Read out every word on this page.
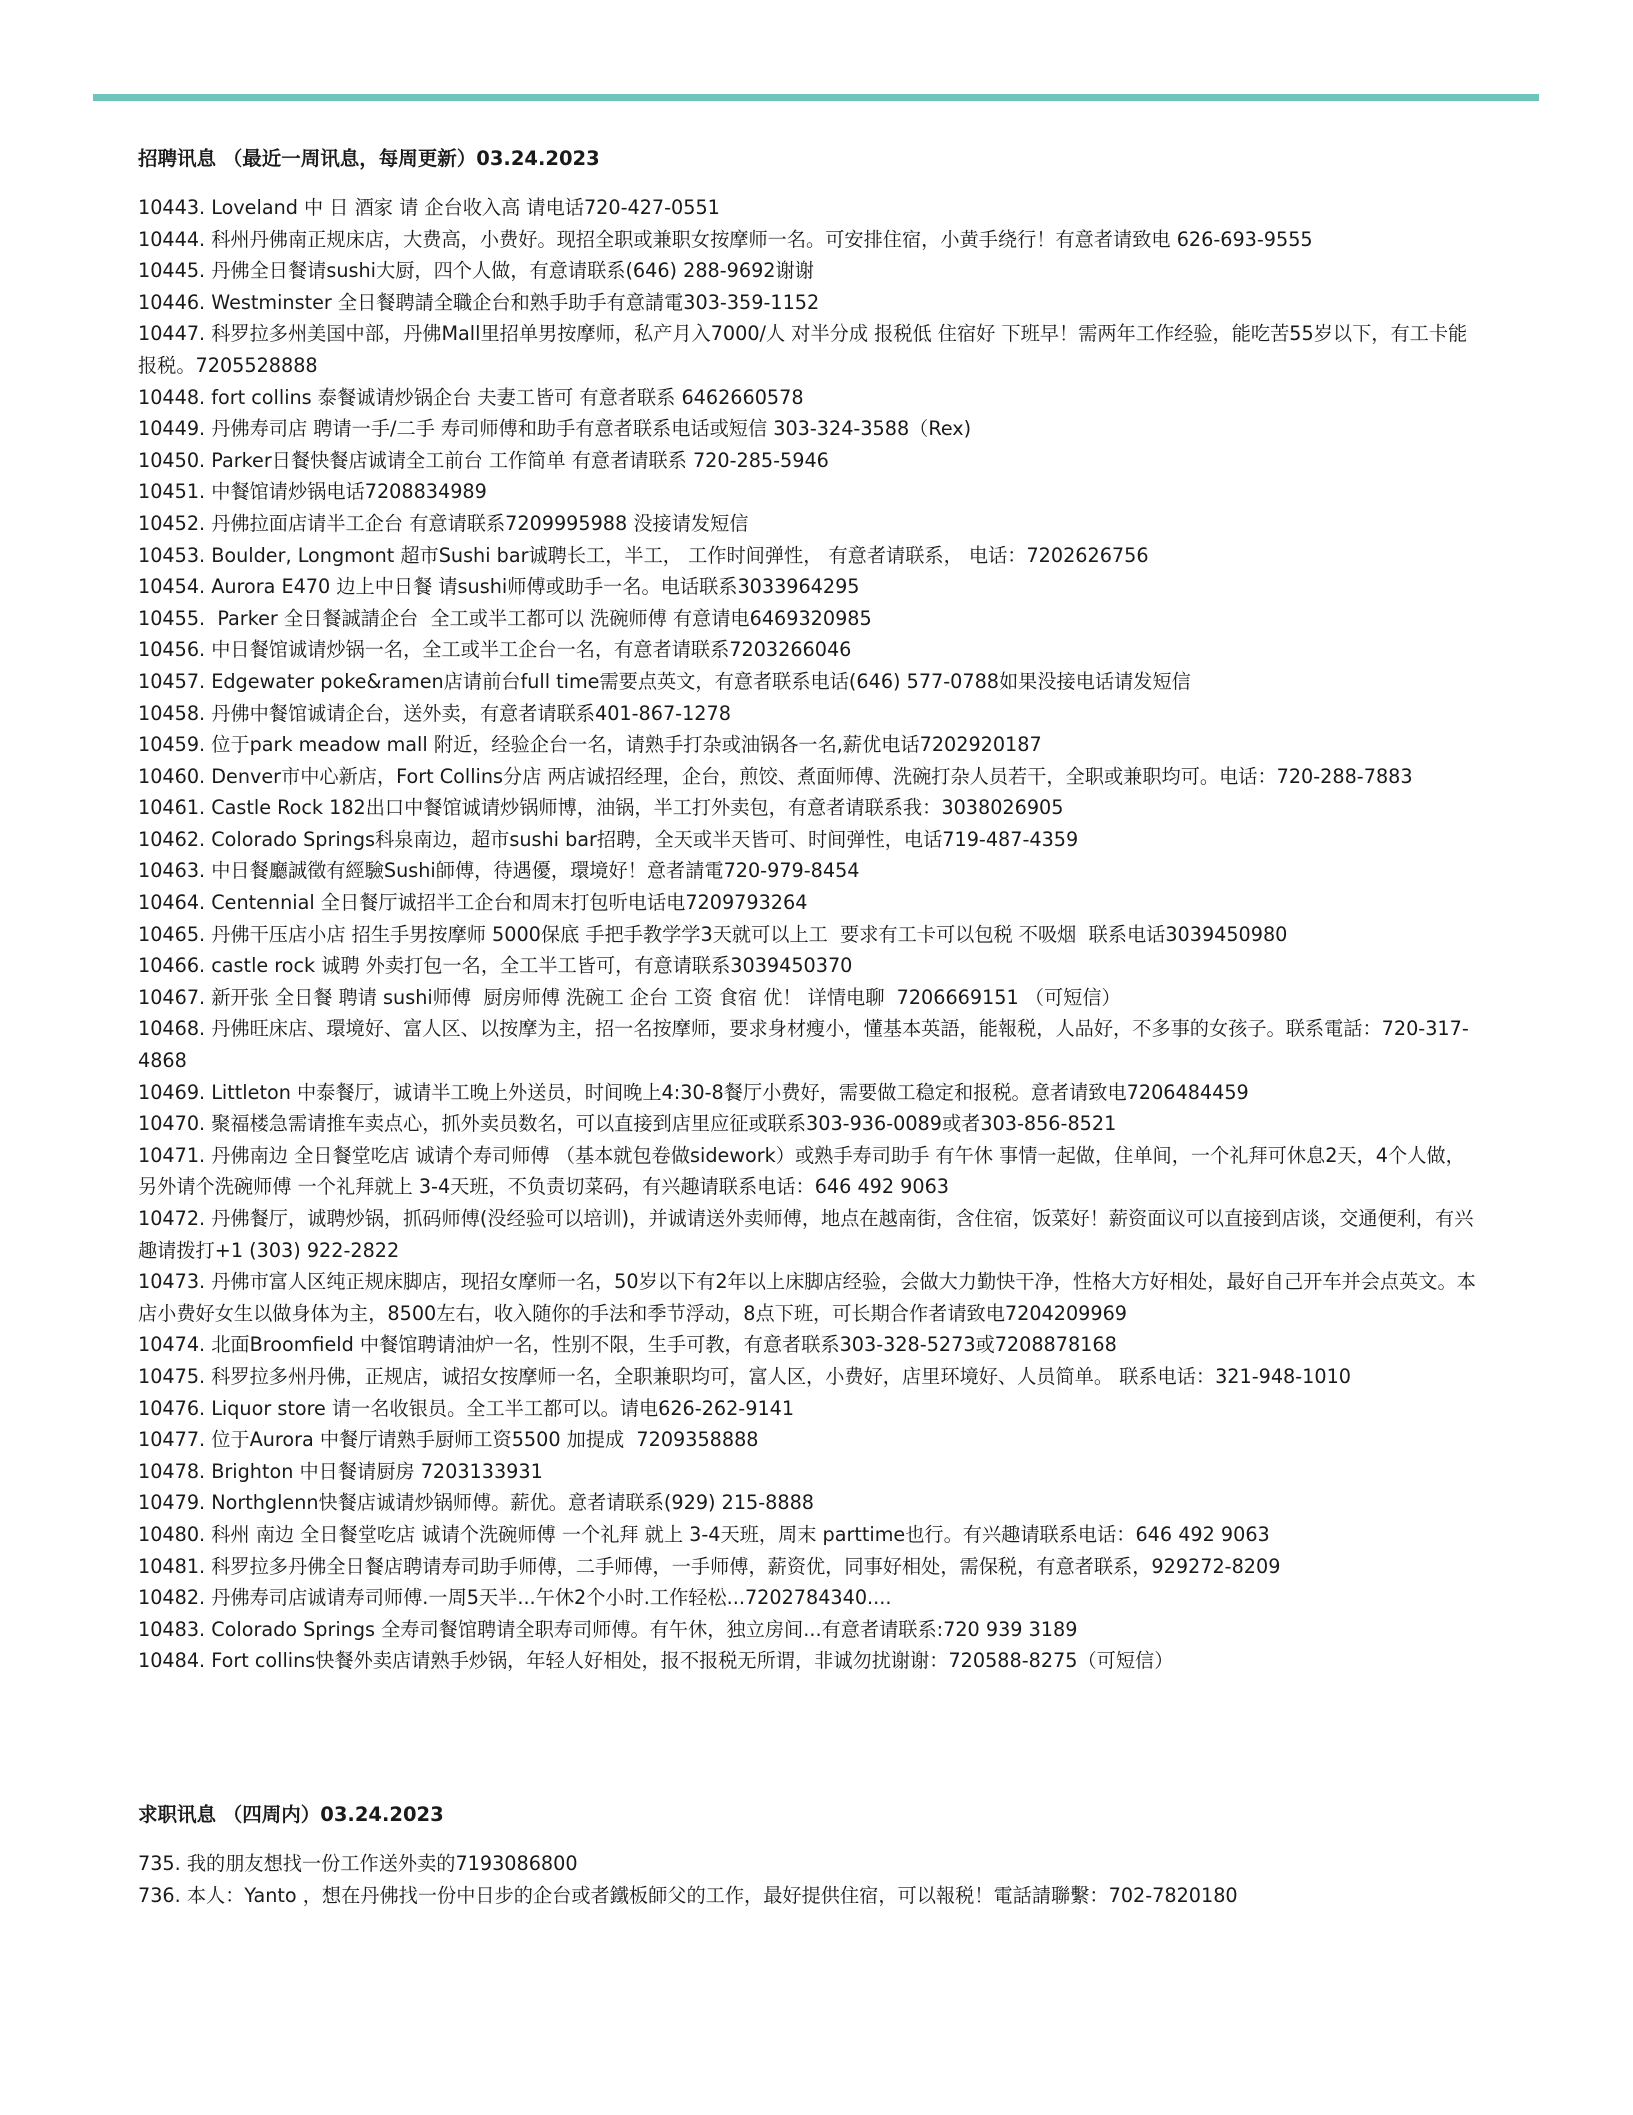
招聘讯息 （最近一周讯息，每周更新）03.24.2023
10443. Loveland 中 日 酒家 请 企台收入高 请电话720-427-0551
10444. 科州丹佛南正规床店，大费高，小费好。现招全职或兼职女按摩师一名。可安排住宿，小黄手绕行！有意者请致电 626-693-9555
10445. 丹佛全日餐请sushi大厨，四个人做，有意请联系(646) 288-9692谢谢
10446. Westminster 全日餐聘請全職企台和熟手助手有意請電303-359-1152
10447. 科罗拉多州美国中部，丹佛Mall里招单男按摩师，私产月入7000/人 对半分成 报税低 住宿好 下班早！需两年工作经验，能吃苦55岁以下，有工卡能报税。7205528888
10448. fort collins 泰餐诚请炒锅企台 夫妻工皆可 有意者联系 6462660578
10449. 丹佛寿司店 聘请一手/二手 寿司师傅和助手有意者联系电话或短信 303-324-3588（Rex)
10450. Parker日餐快餐店诚请全工前台 工作简单 有意者请联系 720-285-5946
10451. 中餐馆请炒锅电话7208834989
10452. 丹佛拉面店请半工企台 有意请联系7209995988 没接请发短信
10453. Boulder, Longmont 超市Sushi bar诚聘长工，半工， 工作时间弹性， 有意者请联系， 电话：7202626756
10454. Aurora E470 边上中日餐 请sushi师傅或助手一名。电话联系3033964295
10455.  Parker 全日餐誠請企台  全工或半工都可以 洗碗师傅 有意请电6469320985
10456. 中日餐馆诚请炒锅一名，全工或半工企台一名，有意者请联系7203266046
10457. Edgewater poke&ramen店请前台full time需要点英文，有意者联系电话(646) 577-0788如果没接电话请发短信
10458. 丹佛中餐馆诚请企台，送外卖，有意者请联系401-867-1278
10459. 位于park meadow mall 附近，经验企台一名，请熟手打杂或油锅各一名,薪优电话7202920187
10460. Denver市中心新店，Fort Collins分店 两店诚招经理，企台，煎饺、煮面师傅、洗碗打杂人员若干，全职或兼职均可。电话：720-288-7883
10461. Castle Rock 182出口中餐馆诚请炒锅师博，油锅，半工打外卖包，有意者请联系我：3038026905
10462. Colorado Springs科泉南边，超市sushi bar招聘，全天或半天皆可、时间弹性，电话719-487-4359
10463. 中日餐廳誠徵有經驗Sushi師傅，待遇優，環境好！意者請電720-979-8454
10464. Centennial 全日餐厅诚招半工企台和周末打包听电话电7209793264
10465. 丹佛干压店小店 招生手男按摩师 5000保底 手把手教学学3天就可以上工  要求有工卡可以包税 不吸烟  联系电话3039450980
10466. castle rock 诚聘 外卖打包一名，全工半工皆可，有意请联系3039450370
10467. 新开张 全日餐 聘请 sushi师傅  厨房师傅 洗碗工 企台 工资 食宿 优！ 详情电聊  7206669151 （可短信）
10468. 丹佛旺床店、環境好、富人区、以按摩为主，招一名按摩师，要求身材瘦小，懂基本英語，能報税，人品好，不多事的女孩子。联系電話：720-317-4868
10469. Littleton 中泰餐厅，诚请半工晚上外送员，时间晚上4:30-8餐厅小费好，需要做工稳定和报税。意者请致电7206484459
10470. 聚福楼急需请推车卖点心，抓外卖员数名，可以直接到店里应征或联系303-936-0089或者303-856-8521
10471. 丹佛南边 全日餐堂吃店 诚请个寿司师傅 （基本就包卷做sidework）或熟手寿司助手 有午休 事情一起做，住单间，一个礼拜可休息2天，4个人做，另外请个洗碗师傅 一个礼拜就上 3-4天班，不负责切菜码，有兴趣请联系电话：646 492 9063
10472. 丹佛餐厅，诚聘炒锅，抓码师傅(没经验可以培训)，并诚请送外卖师傅，地点在越南街，含住宿，饭菜好！薪资面议可以直接到店谈，交通便利，有兴趣请拨打+1 (303) 922-2822
10473. 丹佛市富人区纯正规床脚店，现招女摩师一名，50岁以下有2年以上床脚店经验，会做大力勤快干净，性格大方好相处，最好自己开车并会点英文。本店小费好女生以做身体为主，8500左右，收入随你的手法和季节浮动，8点下班，可长期合作者请致电7204209969
10474. 北面Broomfield 中餐馆聘请油炉一名，性别不限，生手可教，有意者联系303-328-5273或7208878168
10475. 科罗拉多州丹佛，正规店，诚招女按摩师一名，全职兼职均可，富人区，小费好，店里环境好、人员简单。 联系电话：321-948-1010
10476. Liquor store 请一名收银员。全工半工都可以。请电626-262-9141
10477. 位于Aurora 中餐厅请熟手厨师工资5500 加提成  7209358888
10478. Brighton 中日餐请厨房 7203133931
10479. Northglenn快餐店诚请炒锅师傅。薪优。意者请联系(929) 215-8888
10480. 科州 南边 全日餐堂吃店 诚请个洗碗师傅 一个礼拜 就上 3-4天班，周末 parttime也行。有兴趣请联系电话：646 492 9063
10481. 科罗拉多丹佛全日餐店聘请寿司助手师傅，二手师傅，一手师傅，薪资优，同事好相处，需保税，有意者联系，929272-8209
10482. 丹佛寿司店诚请寿司师傅.一周5天半...午休2个小时.工作轻松...7202784340....
10483. Colorado Springs 全寿司餐馆聘请全职寿司师傅。有午休，独立房间...有意者请联系:720 939 3189
10484. Fort collins快餐外卖店请熟手炒锅，年轻人好相处，报不报税无所谓，非诚勿扰谢谢：720588-8275（可短信）
求职讯息 （四周内）03.24.2023
735. 我的朋友想找一份工作送外卖的7193086800
736. 本人：Yanto ，想在丹佛找一份中日步的企台或者鐵板師父的工作，最好提供住宿，可以報税！電話請聯繫：702-7820180
